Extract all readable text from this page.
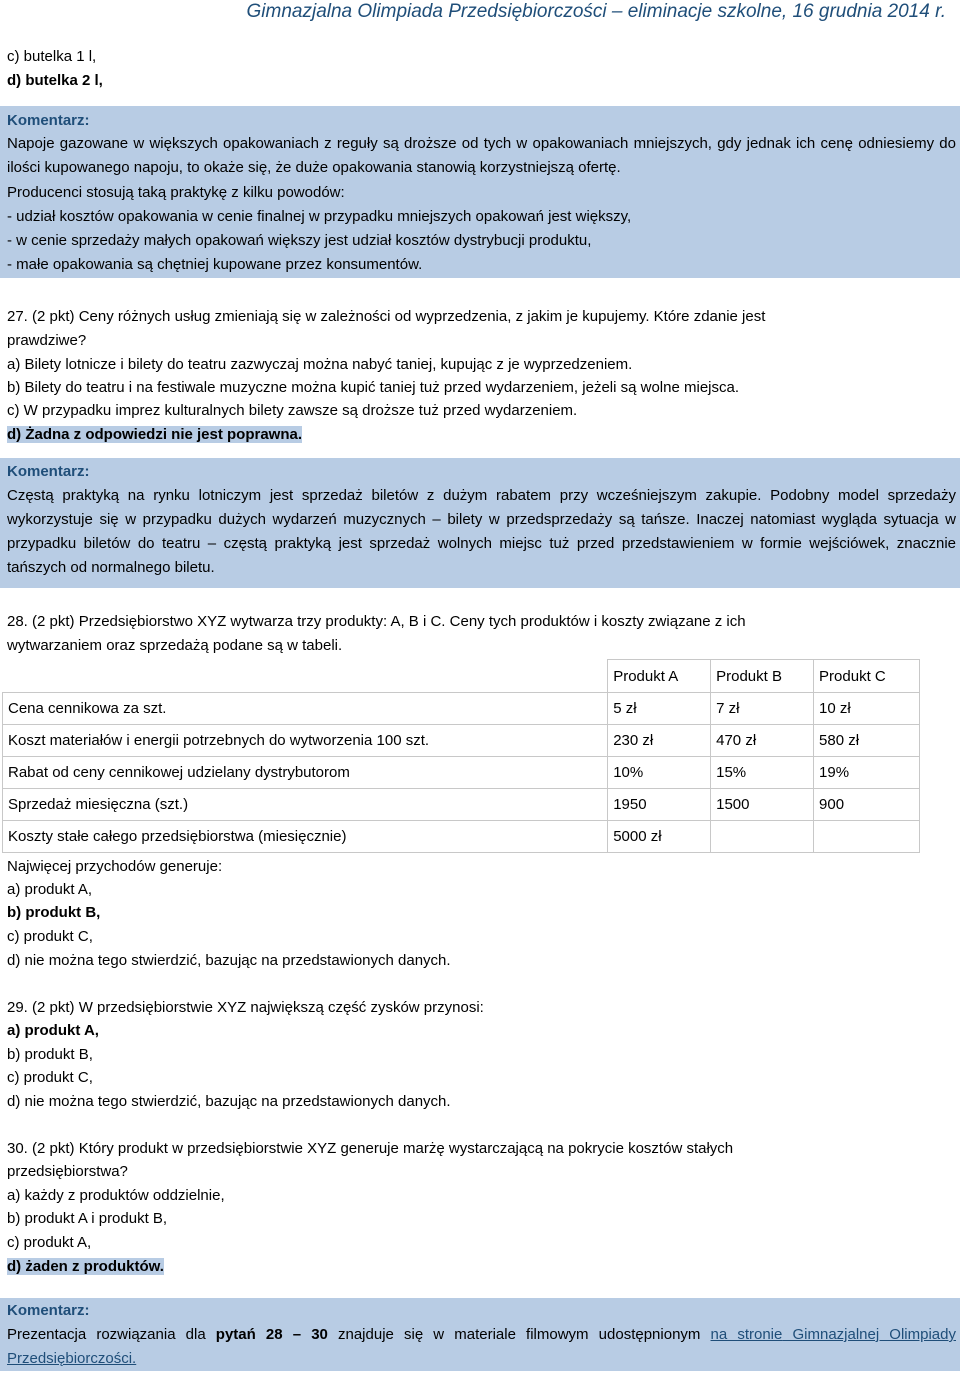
Gimnazjalna Olimpiada Przedsiębiorczości – eliminacje szkolne, 16 grudnia 2014 r.
c) butelka 1 l,
d) butelka 2 l,
Komentarz:
Napoje gazowane w większych opakowaniach z reguły są droższe od tych w opakowaniach mniejszych, gdy jednak ich cenę odniesiemy do ilości kupowanego napoju, to okaże się, że duże opakowania stanowią korzystniejszą ofertę.
Producenci stosują taką praktykę z kilku powodów:
- udział kosztów opakowania w cenie finalnej w przypadku mniejszych opakowań jest większy,
- w cenie sprzedaży małych opakowań większy jest udział kosztów dystrybucji produktu,
- małe opakowania są chętniej kupowane przez konsumentów.
27. (2 pkt) Ceny różnych usług zmieniają się w zależności od wyprzedzenia, z jakim je kupujemy. Które zdanie jest
prawdziwe?
a) Bilety lotnicze i bilety do teatru zazwyczaj można nabyć taniej, kupując z je wyprzedzeniem.
b) Bilety do teatru i na festiwale muzyczne można kupić taniej tuż przed wydarzeniem, jeżeli są wolne miejsca.
c) W przypadku imprez kulturalnych bilety zawsze są droższe tuż przed wydarzeniem.
d) Żadna z odpowiedzi nie jest poprawna.
Komentarz:
Częstą praktyką na rynku lotniczym jest sprzedaż biletów z dużym rabatem przy wcześniejszym zakupie. Podobny model sprzedaży wykorzystuje się w przypadku dużych wydarzeń muzycznych – bilety w przedsprzedaży są tańsze. Inaczej natomiast wygląda sytuacja w przypadku biletów do teatru – częstą praktyką jest sprzedaż wolnych miejsc tuż przed przedstawieniem w formie wejściówek, znacznie tańszych od normalnego biletu.
28. (2 pkt) Przedsiębiorstwo XYZ wytwarza trzy produkty: A, B i C. Ceny tych produktów i koszty związane z ich
wytwarzaniem oraz sprzedażą podane są w tabeli.
	Produkt A	Produkt B	Produkt C
Cena cennikowa za szt.	5 zł	7 zł	10 zł
Koszt materiałów i energii potrzebnych do wytworzenia 100 szt.	230 zł	470 zł	580 zł
Rabat od ceny cennikowej udzielany dystrybutorom	10%	15%	19%
Sprzedaż miesięczna (szt.)	1950	1500	900
Koszty stałe całego przedsiębiorstwa (miesięcznie)	5000 zł		
Najwięcej przychodów generuje:
a) produkt A,
b) produkt B,
c) produkt C,
d) nie można tego stwierdzić, bazując na przedstawionych danych.
29. (2 pkt) W przedsiębiorstwie XYZ największą część zysków przynosi:
a) produkt A,
b) produkt B,
c) produkt C,
d) nie można tego stwierdzić, bazując na przedstawionych danych.
30. (2 pkt) Który produkt w przedsiębiorstwie XYZ generuje marżę wystarczającą na pokrycie kosztów stałych
przedsiębiorstwa?
a) każdy z produktów oddzielnie,
b) produkt A i produkt B,
c) produkt A,
d) żaden z produktów.
Komentarz:
Prezentacja rozwiązania dla pytań 28 – 30 znajduje się w materiale filmowym udostępnionym na stronie Gimnazjalnej Olimpiady Przedsiębiorczości.
